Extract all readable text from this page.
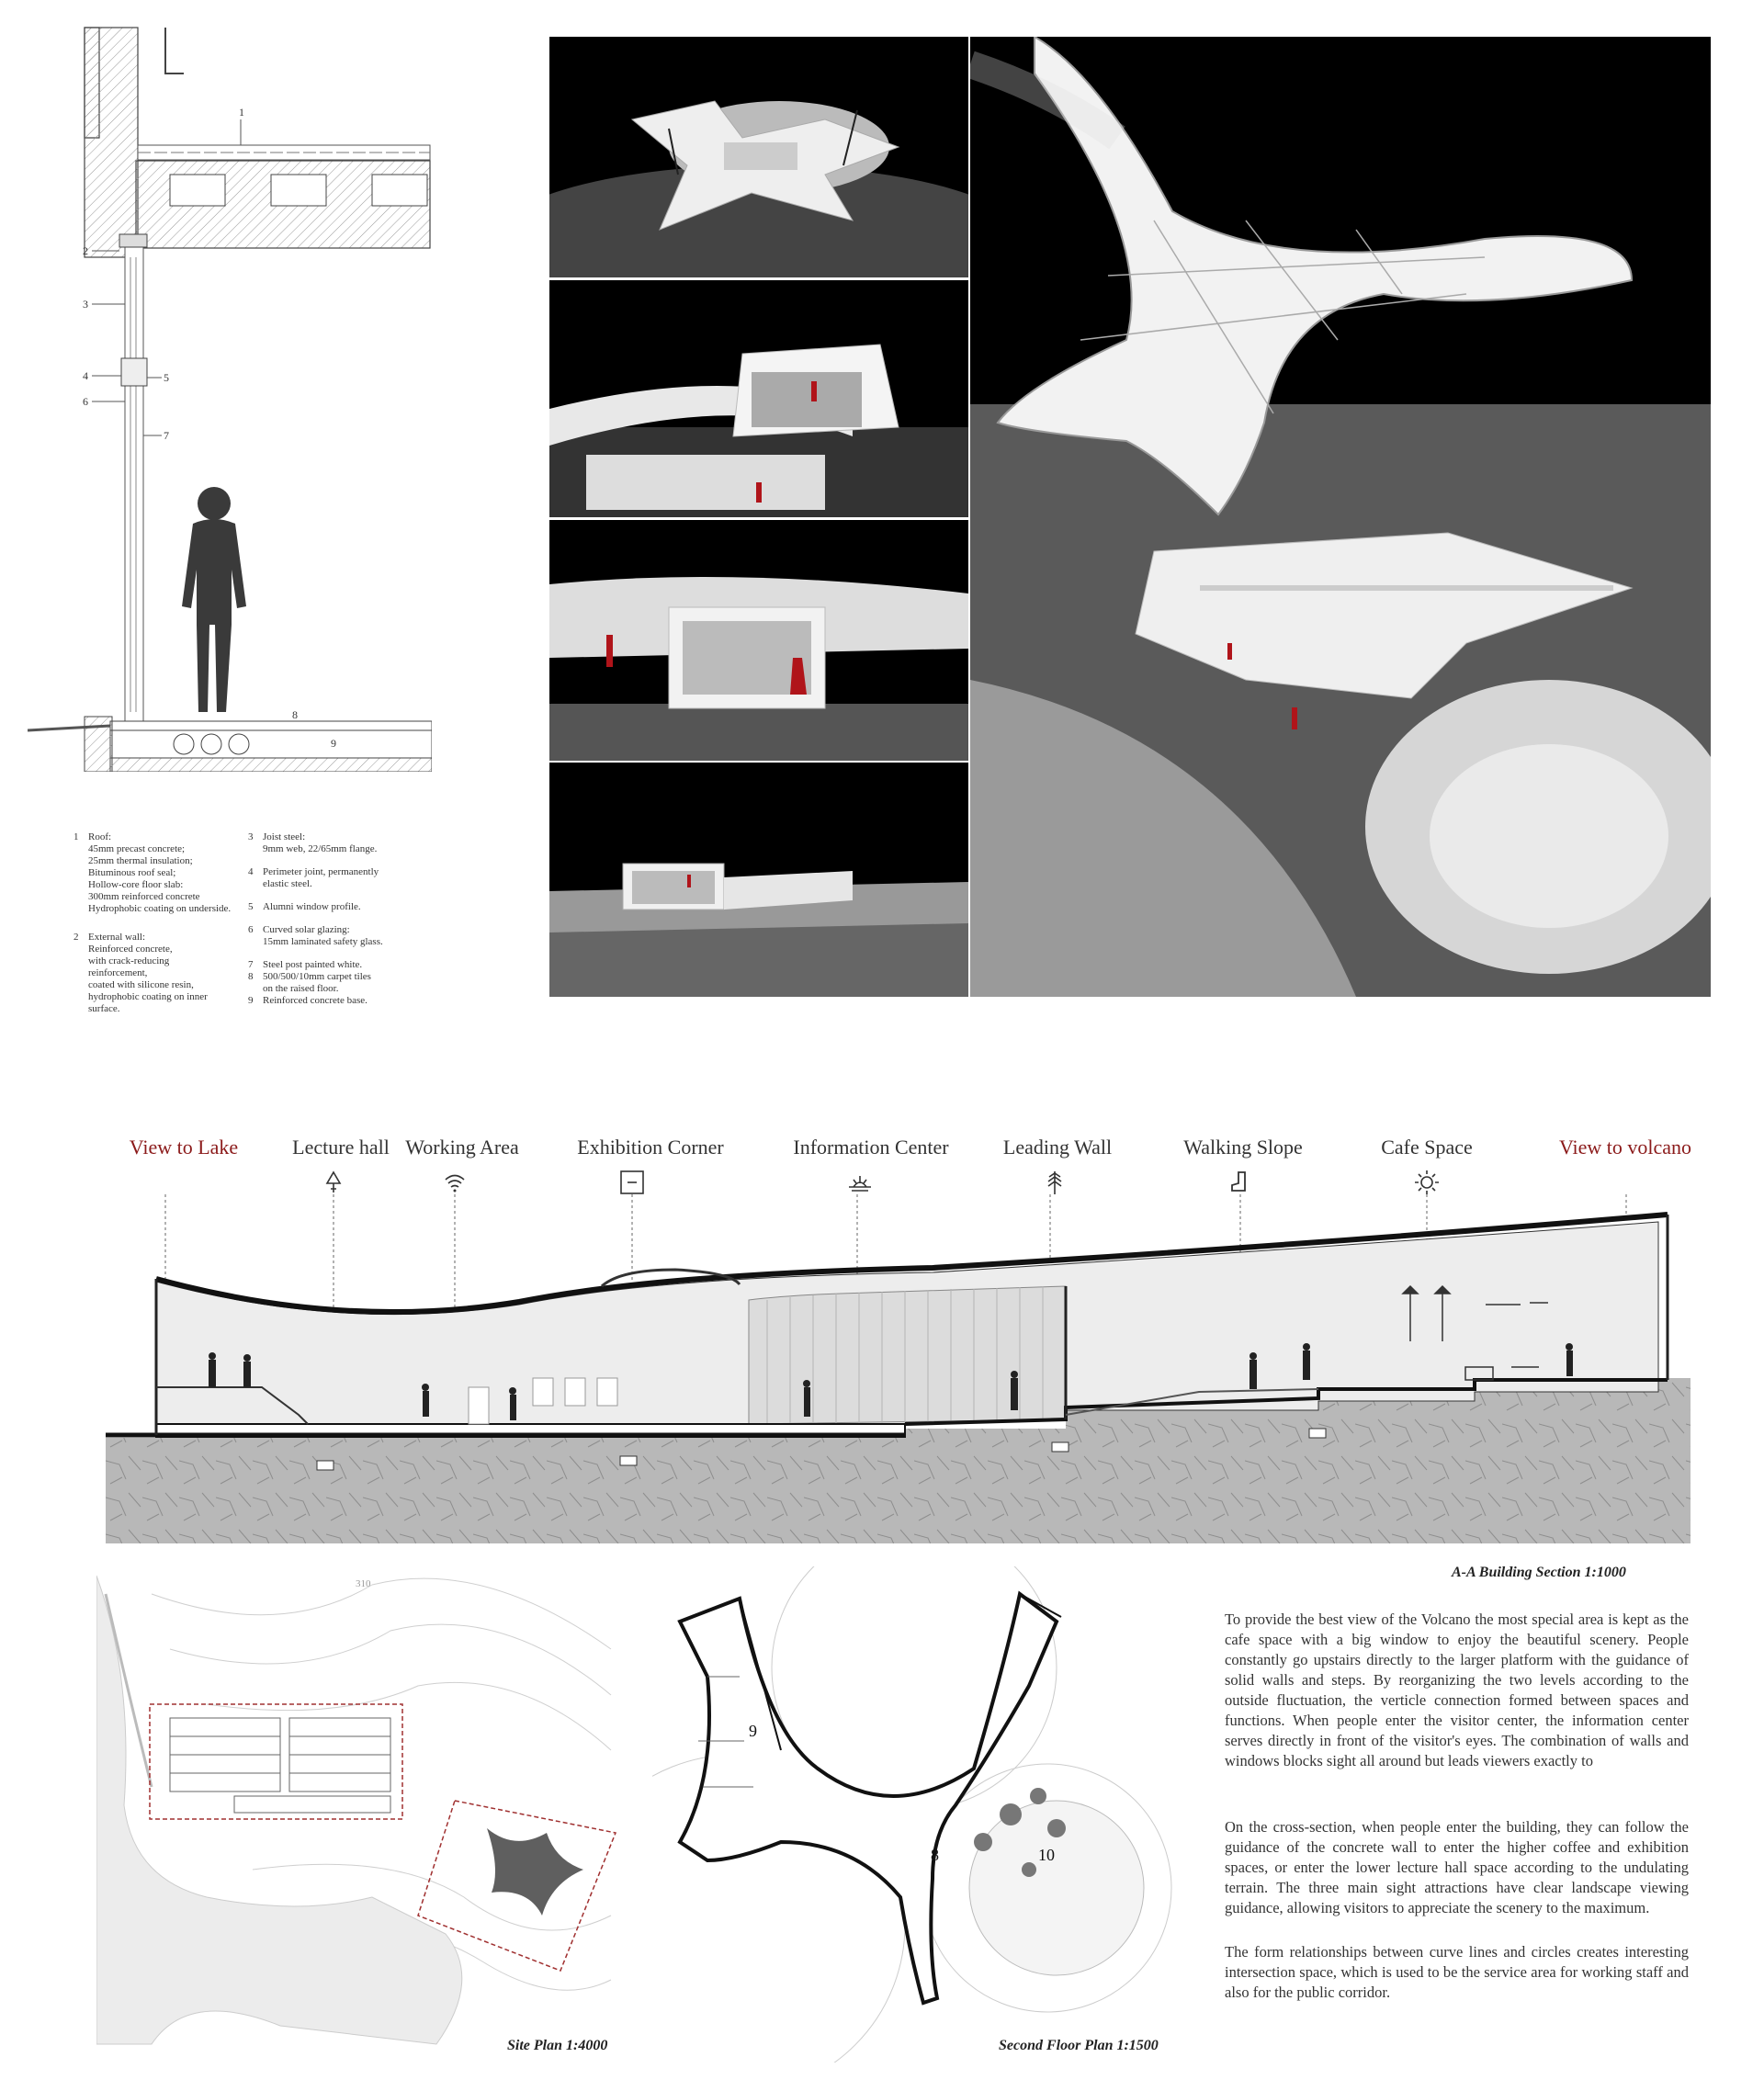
1
2
3
4	5
6
7
8
9
1 Roof:
45mm precast concrete;
25mm thermal insulation;
Bituminous roof seal;
Hollow-core floor slab:
300mm reinforced concrete
Hydrophobic coating on underside.
2 External wall:
Reinforced concrete,
with crack-reducing
reinforcement,
coated with silicone resin,
hydrophobic coating on inner surface.
3 Joist steel:
9mm web, 22/65mm flange.
4 Perimeter joint, permanently
elastic steel.
5 Alumni window profile.
6 Curved solar glazing:
15mm laminated safety glass.
7 Steel post painted white.
8 500/500/10mm carpet tiles
on the raised floor.
9 Reinforced concrete base.
View to Lake	Lecture hall Working Area	Exhibition Corner	Information Center	Leading Wall	Walking Slope	Cafe Space	View to volcano
A-A Building Section 1:1000
310
Site Plan 1:4000
9
8	10
Second Floor Plan 1:1500

To provide the best view of the Volcano the most special area is kept as the cafe space with a big window to enjoy the beautiful scenery. People constantly go upstairs directly to the larger platform with the guidance of solid walls and steps. By reorganizing the two levels according to the outside fluctuation, the verticle connection formed between spaces and functions. When people enter the visitor center, the information center serves directly in front of the visitor's eyes. The combination of walls and windows blocks sight all around but leads viewers exactly to

On the cross-section, when people enter the building, they can follow the guidance of the concrete wall to enter the higher coffee and exhibition spaces, or enter the lower lecture hall space according to the undulating terrain. The three main sight attractions have clear landscape viewing guidance, allowing visitors to appreciate the scenery to the maximum.

The form relationships between curve lines and circles creates interesting intersection space, which is used to be the service area for working staff and also for the public corridor.
